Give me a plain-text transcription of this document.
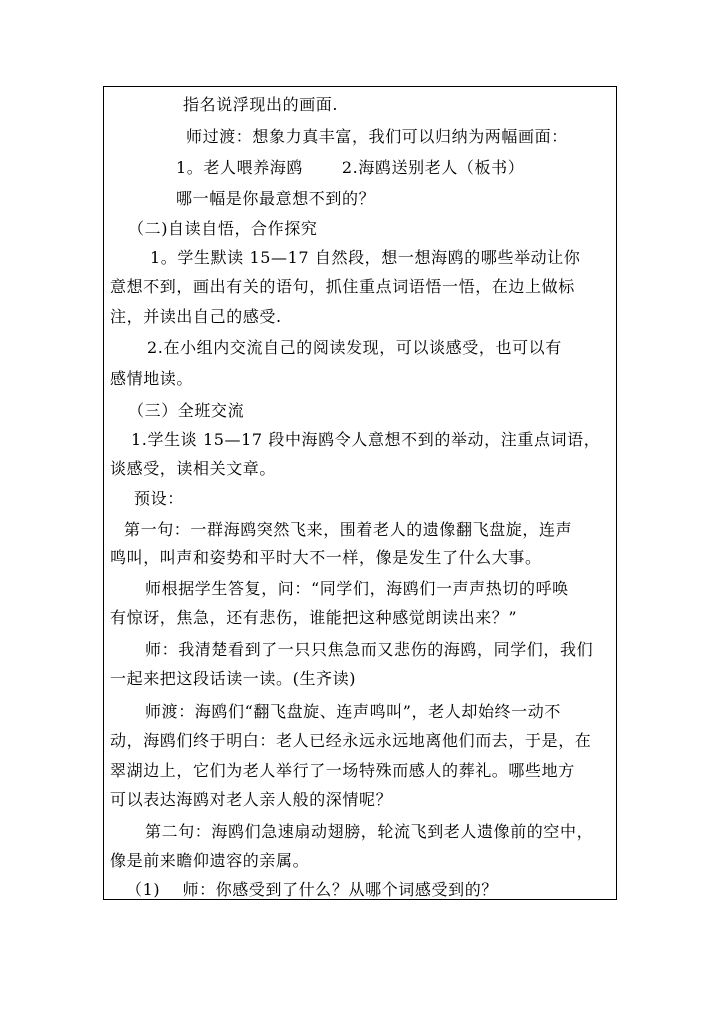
指名说浮现出的画面.
师过渡：想象力真丰富，我们可以归纳为两幅画面：
1。老人喂养海鸥　　 2.海鸥送别老人（板书）
哪一幅是你最意想不到的？
（二)自读自悟，合作探究
1。学生默读 15—17 自然段，想一想海鸥的哪些举动让你
意想不到，画出有关的语句，抓住重点词语悟一悟，在边上做标
注，并读出自己的感受.
2.在小组内交流自己的阅读发现，可以谈感受，也可以有
感情地读。
（三）全班交流
1.学生谈 15—17 段中海鸥令人意想不到的举动，注重点词语，
谈感受，读相关文章。
预设：
第一句：一群海鸥突然飞来，围着老人的遗像翻飞盘旋，连声
鸣叫，叫声和姿势和平时大不一样，像是发生了什么大事。
师根据学生答复，问：“同学们，海鸥们一声声热切的呼唤
有惊讶，焦急，还有悲伤，谁能把这种感觉朗读出来？”
师：我清楚看到了一只只焦急而又悲伤的海鸥，同学们，我们
一起来把这段话读一读。(生齐读)
师渡：海鸥们“翻飞盘旋、连声鸣叫”，老人却始终一动不
动，海鸥们终于明白：老人已经永远永远地离他们而去，于是，在
翠湖边上，它们为老人举行了一场特殊而感人的葬礼。哪些地方
可以表达海鸥对老人亲人般的深情呢？
第二句：海鸥们急速扇动翅膀，轮流飞到老人遗像前的空中，
像是前来瞻仰遗容的亲属。
（1)　 师：你感受到了什么？从哪个词感受到的？
